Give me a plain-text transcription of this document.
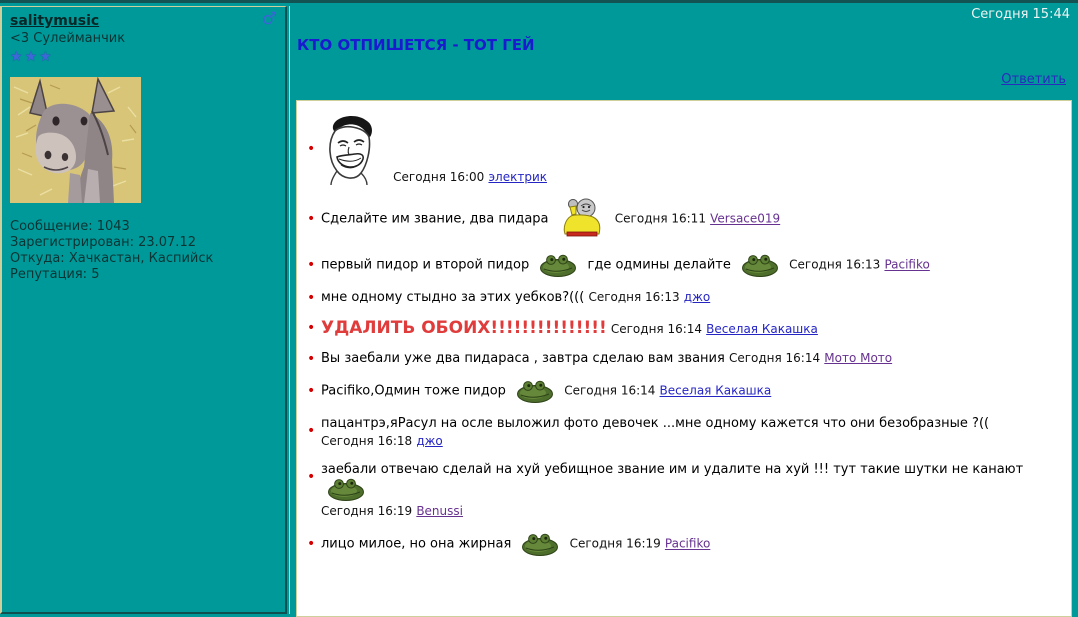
salitymusic
<3 Сулейманчик
★★★
♂
Сообщение: 1043
Зарегистрирован: 23.07.12
Откуда: Хачкастан, Каспийск
Репутация: 5
Сегодня 15:44
КТО ОТПИШЕТСЯ - ТОТ ГЕЙ
Ответить
•
Сегодня 16:00 электрик
• Сделайте им звание, два пидара	Сегодня 16:11 Versace019
• первый пидор и второй пидор	где одмины делайте	Сегодня 16:13 Pacifiko
• мне одному стыдно за этих уебков?((( Сегодня 16:13 джо
• УДАЛИТЬ ОБОИХ!!!!!!!!!!!!!!! Сегодня 16:14 Веселая Какашка
• Вы заебали уже два пидараса , завтра сделаю вам звания Сегодня 16:14 Мото Мото
• Pacifiko,Одмин тоже пидор	Сегодня 16:14 Веселая Какашка
• пацантрэ,яРасул на осле выложил фото девочек ...мне одному кажется что они безобразные ?((
Сегодня 16:18 джо
• заебали отвечаю сделай на хуй уебищное звание им и удалите на хуй !!! тут такие шутки не канают
Сегодня 16:19 Benussi
• лицо милое, но она жирная	Сегодня 16:19 Pacifiko
